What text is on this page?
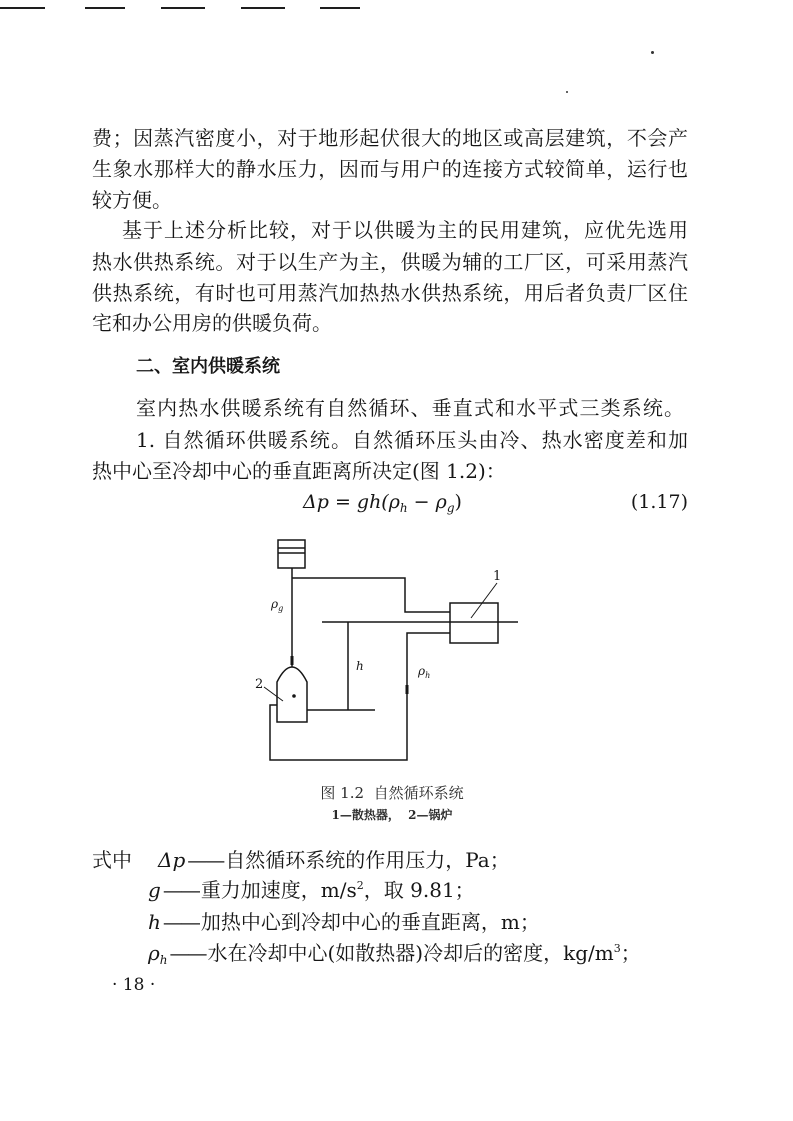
费；因蒸汽密度小，对于地形起伏很大的地区或高层建筑，不会产
生象水那样大的静水压力，因而与用户的连接方式较简单，运行也
较方便。
基于上述分析比较，对于以供暖为主的民用建筑，应优先选用
热水供热系统。对于以生产为主，供暖为辅的工厂区，可采用蒸汽
供热系统，有时也可用蒸汽加热热水供热系统，用后者负责厂区住
宅和办公用房的供暖负荷。
二、室内供暖系统
室内热水供暖系统有自然循环、垂直式和水平式三类系统。
1. 自然循环供暖系统。自然循环压头由冷、热水密度差和加
热中心至冷却中心的垂直距离所决定(图 1.2)：
$\Delta p = gh(\rho_h - \rho_g)$	(1.17)
1
2
h
$\rho_g$
$\rho_h$
图 1.2  自然循环系统
1—散热器，  2—锅炉
式中 Δp —— 自然循环系统的作用压力，Pa；
g —— 重力加速度，$m/s^2$，取 9.81；
h —— 加热中心到冷却中心的垂直距离，m；
$\rho_h$ —— 水在冷却中心(如散热器)冷却后的密度，$kg/m^3$；
· 18 ·
